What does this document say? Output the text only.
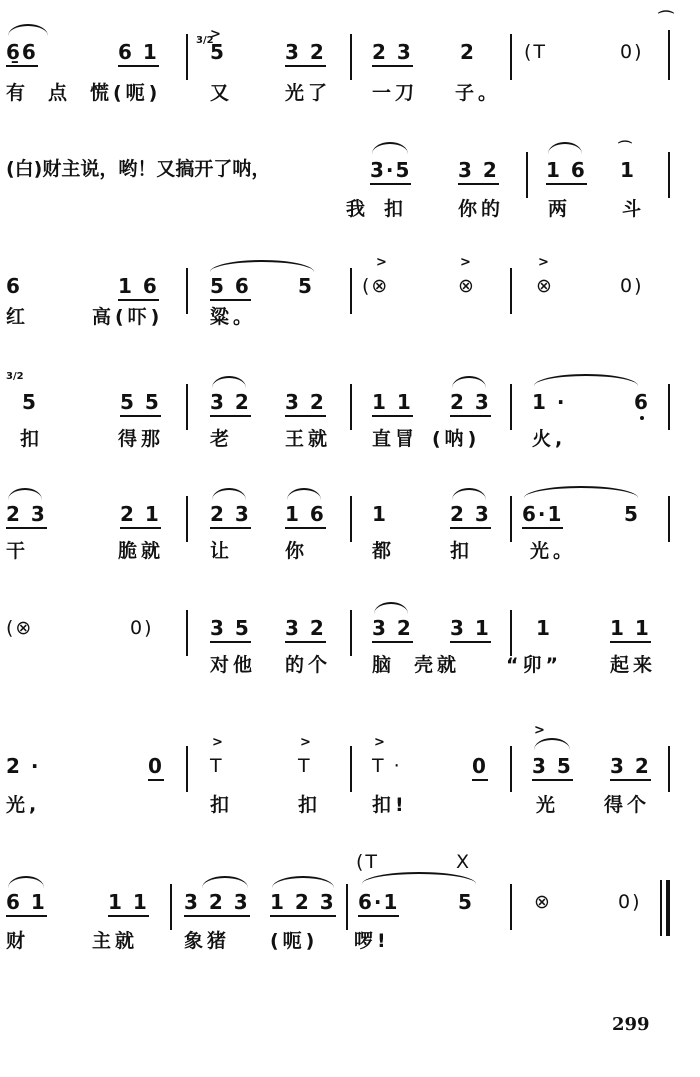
6̱6	6 1	3/2
>
5	3 2 2 3 2	(T	0)
⌒
有 点 慌(呃)	又	光了 一刀 子。
(白)财主说，哟！又搞开了呐，	3·5 3 2 1 6
⌒
1
我 扣	你的 两	斗
6	1 6	5 6 5
>
(⊗
>
⊗
>
⊗	0)
红	高(吓) 粱。
3/2
5	5 5 3 2 3 2 1 1 2 3 1 ·	6
扣	得那 老	王就 直冒 (呐)	火,
2 3	2 1 2 3 1 6 1	2 3 6·1	5
干	脆就 让	你	都	扣	光。
(⊗	0)	3 5 3 2 3 2 3 1 1	1 1
对他 的个 脑 壳就 “卯”	起来
2 ·	0
>
T
>
T
>
T ·	0
>
3 5 3 2
光,	扣	扣	扣!	光 得个
(T	X
6 1	1 1 3 2 3 1 2 3 6·1	5	⊗	0)
财	主就 象猪 (呃) 啰!
299
